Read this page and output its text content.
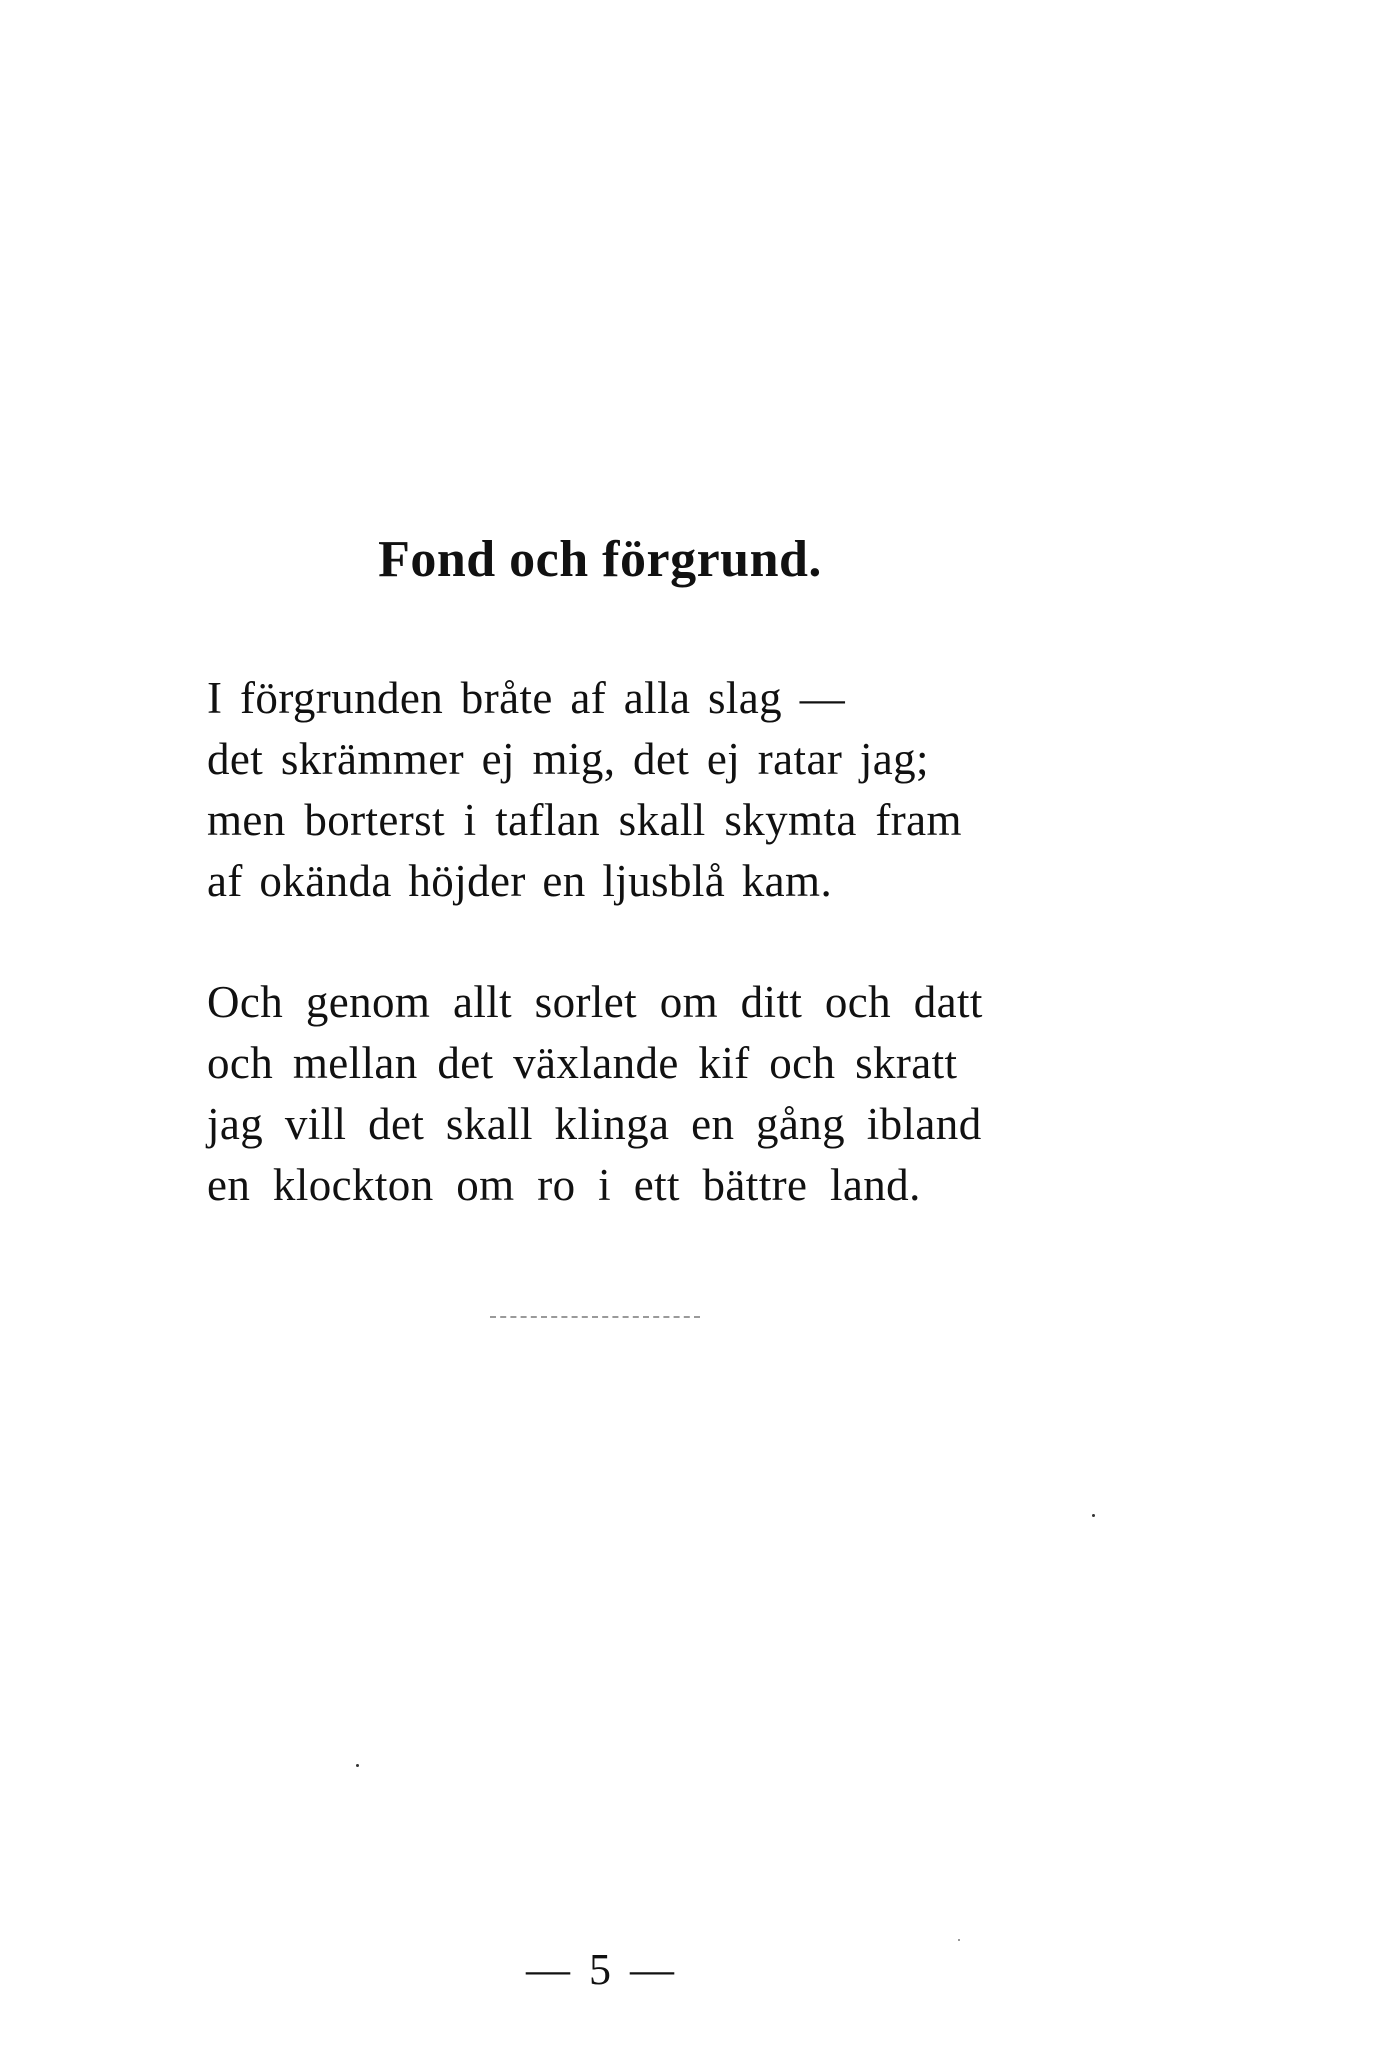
Fond och förgrund.

I förgrunden bråte af alla slag —
det skrämmer ej mig, det ej ratar jag;
men borterst i taflan skall skymta fram
af okända höjder en ljusblå kam.

Och genom allt sorlet om ditt och datt
och mellan det växlande kif och skratt
jag vill det skall klinga en gång ibland
en klockton om ro i ett bättre land.

— 5 —
